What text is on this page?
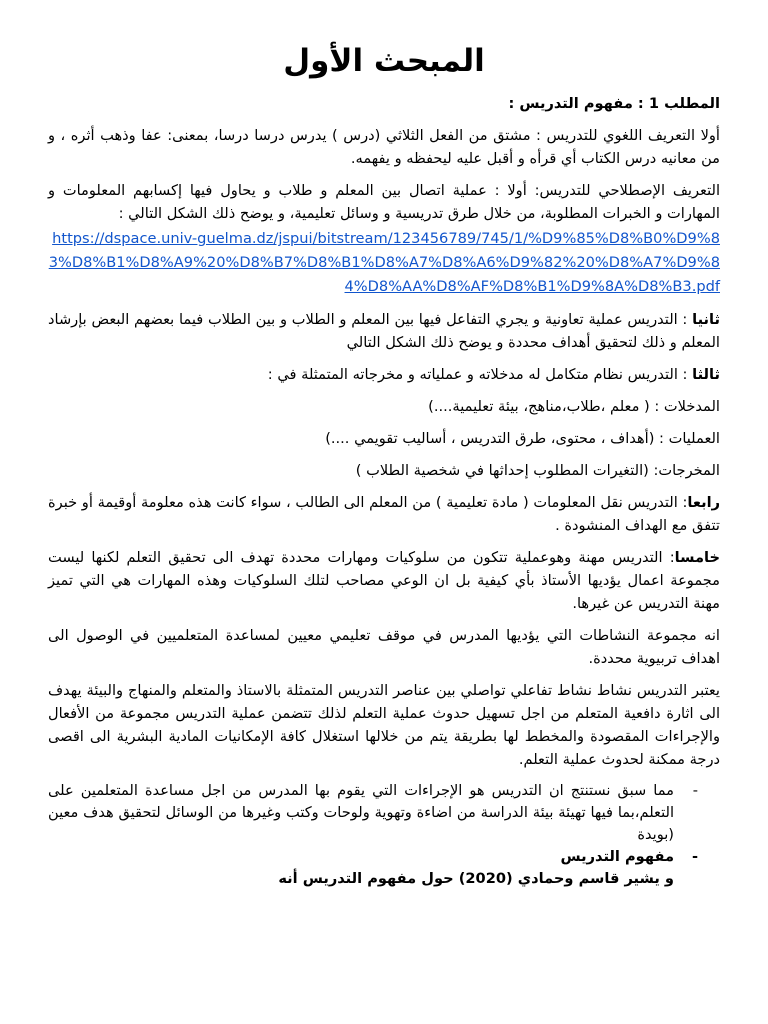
المبحث الأول

المطلب 1 : مفهوم التدريس :

أولا التعريف اللغوي للتدريس : مشتق من الفعل الثلاثي (درس ) يدرس درسا درسا، بمعنى: عفا وذهب أثره ، و من معانيه درس الكتاب أي قرأه و أقبل عليه ليحفظه و يفهمه.

التعريف الإصطلاحي للتدريس: أولا : عملية اتصال بين المعلم و طلاب و يحاول فيها إكسابهم المعلومات و المهارات و الخبرات المطلوبة، من خلال طرق تدريسية و وسائل تعليمية، و يوضح ذلك الشكل التالي :

https://dspace.univ-guelma.dz/jspui/bitstream/123456789/745/1/%D9%85%D8%B0%D9%83%D8%B1%D8%A9%20%D8%B7%D8%B1%D8%A7%D8%A6%D9%82%20%D8%A7%D9%84%D8%AA%D8%AF%D8%B1%D9%8A%D8%B3.pdf

ثانيا : التدريس عملية تعاونية و يجري التفاعل فيها بين المعلم و الطلاب و بين الطلاب فيما بعضهم البعض بإرشاد المعلم و ذلك لتحقيق أهداف محددة و يوضح ذلك الشكل التالي

ثالثا : التدريس نظام متكامل له مدخلاته و عملياته و مخرجاته المتمثلة في :

المدخلات : ( معلم ،طلاب،مناهج، بيئة تعليمية....)

العمليات : (أهداف ، محتوى، طرق التدريس ، أساليب تقويمي ....)

المخرجات: (التغيرات المطلوب إحداثها في شخصية الطلاب )

رابعا: التدريس نقل المعلومات ( مادة تعليمية ) من المعلم الى الطالب ، سواء كانت هذه معلومة أوقيمة أو خبرة تتفق مع الهداف المنشودة .

خامسا: التدريس مهنة وهوعملية تتكون من سلوكيات ومهارات محددة تهدف الى تحقيق التعلم لكنها ليست مجموعة اعمال يؤديها الأستاذ بأي كيفية بل ان الوعي مصاحب لتلك السلوكيات وهذه المهارات هي التي تميز مهنة التدريس عن غيرها.

انه مجموعة النشاطات التي يؤديها المدرس في موقف تعليمي معيين لمساعدة المتعلميين في الوصول الى اهداف تربيوية محددة.

يعتبر التدريس نشاط نشاط تفاعلي تواصلي بين عناصر التدريس المتمثلة بالاستاذ والمتعلم والمنهاج والبيئة يهدف الى اثارة دافعية المتعلم من اجل تسهيل حدوث عملية التعلم لذلك تتضمن عملية التدريس مجموعة من الأفعال والإجراءات المقصودة والمخطط لها بطريقة يتم من خلالها استغلال كافة الإمكانيات المادية البشرية الى اقصى درجة ممكنة لحدوث عملية التعلم.

-
مما سبق نستنتج ان التدريس هو الإجراءات التي يقوم بها المدرس من اجل مساعدة المتعلمين على التعلم،بما فيها تهيئة بيئة الدراسة من اضاءة وتهوية ولوحات وكتب وغيرها من الوسائل لتحقيق هدف معين (بويدة
-
مفهوم التدريس
و يشير قاسم وحمادي (2020) حول مفهوم التدريس أنه
